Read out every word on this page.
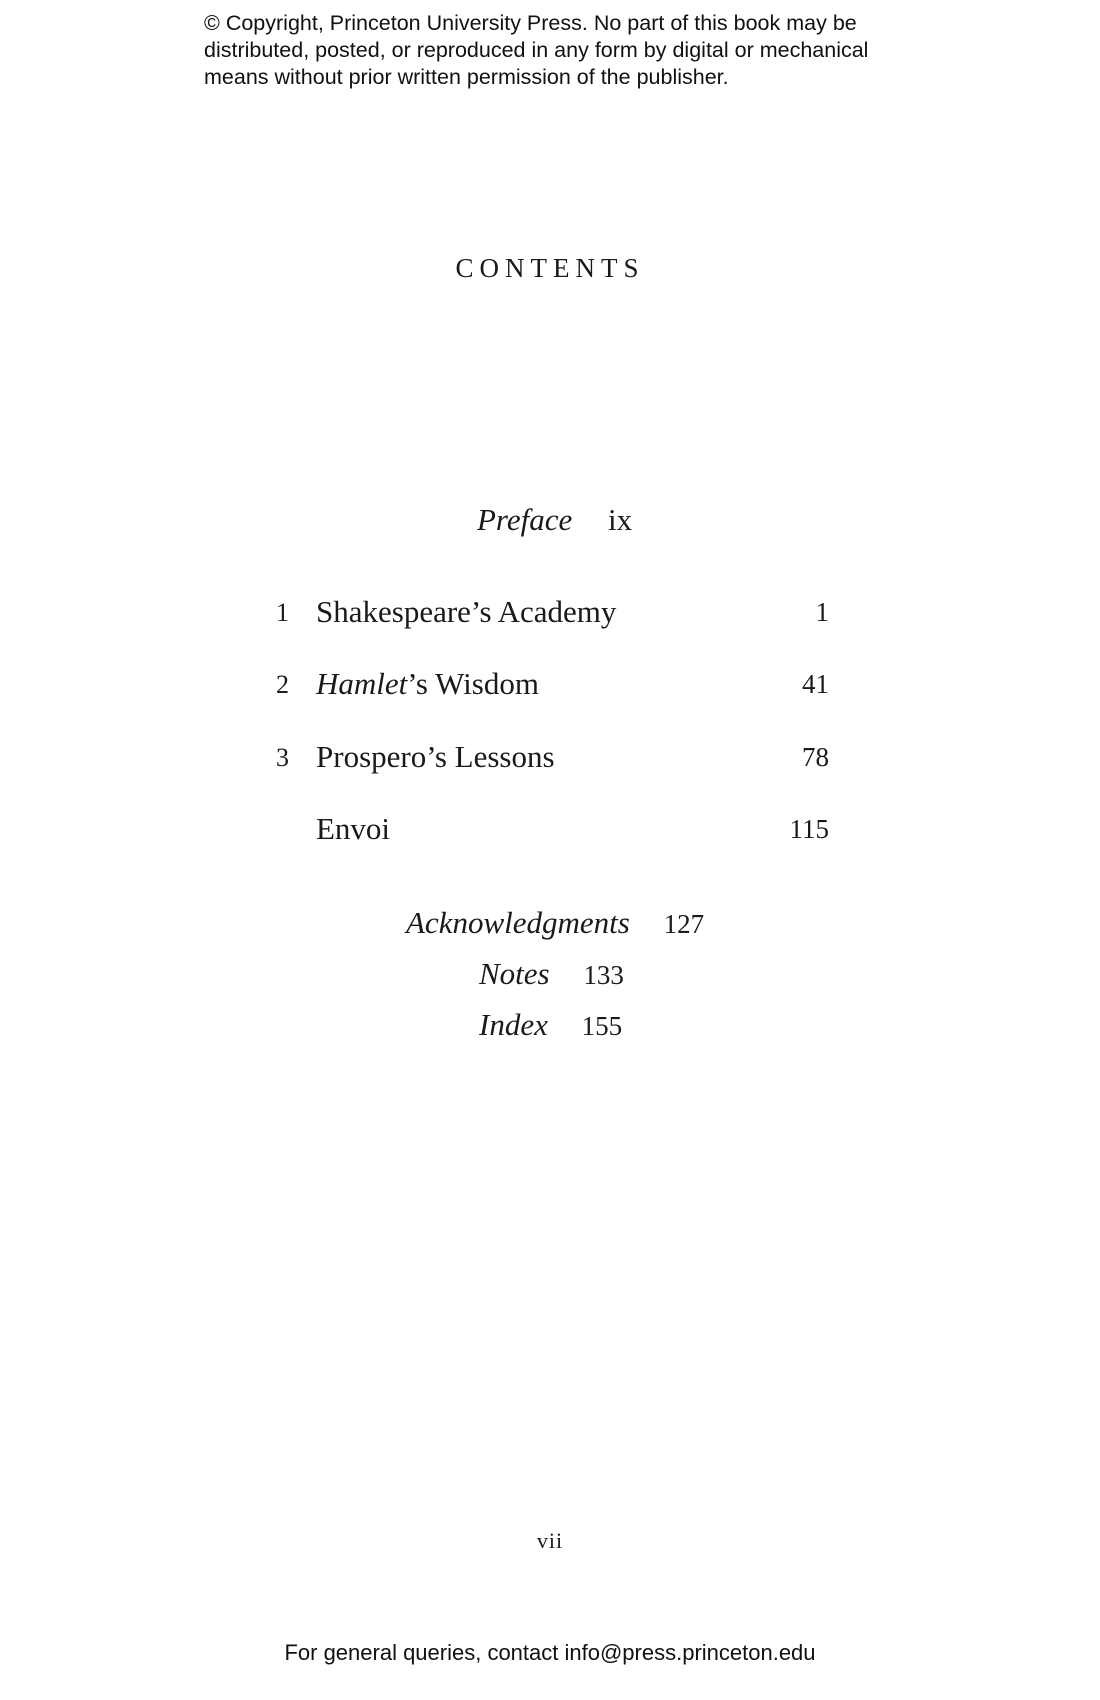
© Copyright, Princeton University Press. No part of this book may be
distributed, posted, or reproduced in any form by digital or mechanical
means without prior written permission of the publisher.
CONTENTS
Preface ix
1 Shakespeare’s Academy	1
2 Hamlet’s Wisdom	41
3 Prospero’s Lessons	78
Envoi	115
Acknowledgments 127
Notes 133
Index 155
vii
For general queries, contact info@press.princeton.edu
